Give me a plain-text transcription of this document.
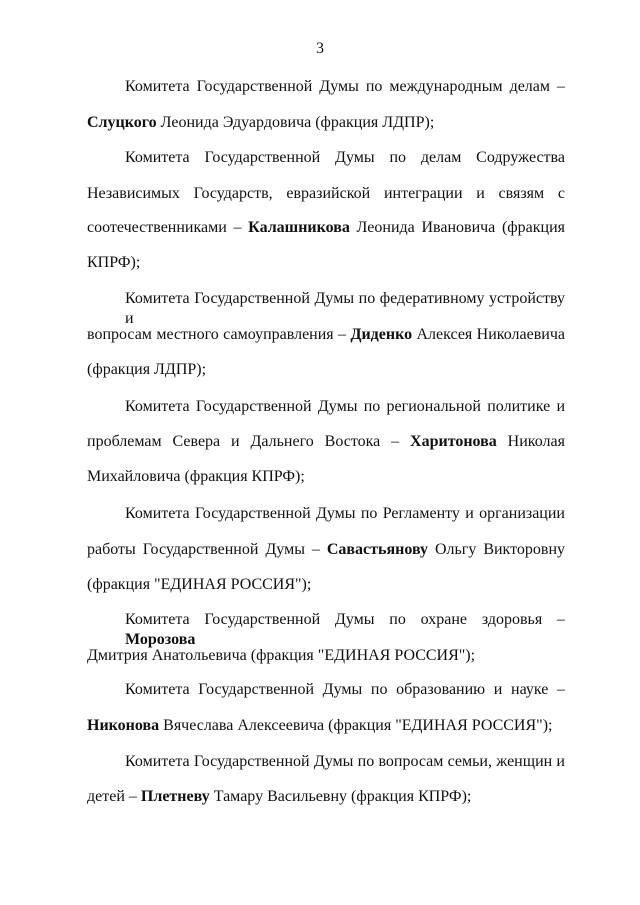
3
Комитета Государственной Думы по международным делам –
Слуцкого Леонида Эдуардовича (фракция ЛДПР);
Комитета Государственной Думы по делам Содружества
Независимых Государств, евразийской интеграции и связям с
соотечественниками – Калашникова Леонида Ивановича (фракция
КПРФ);
Комитета Государственной Думы по федеративному устройству и
вопросам местного самоуправления – Диденко Алексея Николаевича
(фракция ЛДПР);
Комитета Государственной Думы по региональной политике и
проблемам Севера и Дальнего Востока – Харитонова Николая
Михайловича (фракция КПРФ);
Комитета Государственной Думы по Регламенту и организации
работы Государственной Думы – Савастьянову Ольгу Викторовну
(фракция "ЕДИНАЯ РОССИЯ");
Комитета Государственной Думы по охране здоровья – Морозова
Дмитрия Анатольевича (фракция "ЕДИНАЯ РОССИЯ");
Комитета Государственной Думы по образованию и науке –
Никонова Вячеслава Алексеевича (фракция "ЕДИНАЯ РОССИЯ");
Комитета Государственной Думы по вопросам семьи, женщин и
детей – Плетневу Тамару Васильевну (фракция КПРФ);
